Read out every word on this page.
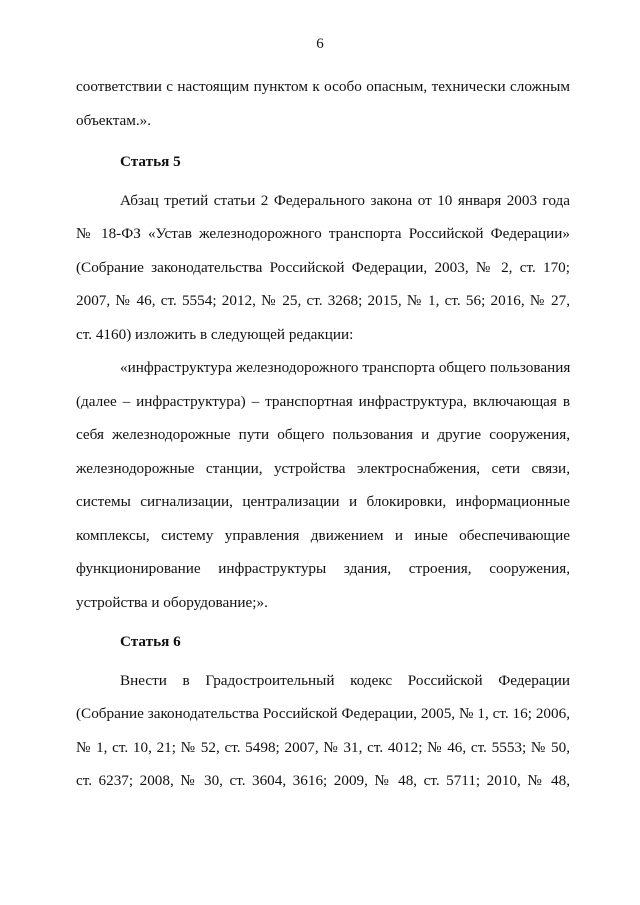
6
соответствии с настоящим пунктом к особо опасным, технически сложным
объектам.».
Статья 5
Абзац третий статьи 2 Федерального закона от 10 января 2003 года
№ 18-ФЗ «Устав железнодорожного транспорта Российской Федерации»
(Собрание законодательства Российской Федерации, 2003, № 2, ст. 170;
2007, № 46, ст. 5554; 2012, № 25, ст. 3268; 2015, № 1, ст. 56; 2016, № 27,
ст. 4160) изложить в следующей редакции:
«инфраструктура железнодорожного транспорта общего пользования
(далее – инфраструктура) – транспортная инфраструктура, включающая в
себя железнодорожные пути общего пользования и другие сооружения,
железнодорожные станции, устройства электроснабжения, сети связи,
системы сигнализации, централизации и блокировки, информационные
комплексы, систему управления движением и иные обеспечивающие
функционирование инфраструктуры здания, строения, сооружения,
устройства и оборудование;».
Статья 6
Внести в Градостроительный кодекс Российской Федерации
(Собрание законодательства Российской Федерации, 2005, № 1, ст. 16; 2006,
№ 1, ст. 10, 21; № 52, ст. 5498; 2007, № 31, ст. 4012; № 46, ст. 5553; № 50,
ст. 6237; 2008, № 30, ст. 3604, 3616; 2009, № 48, ст. 5711; 2010, № 48,
